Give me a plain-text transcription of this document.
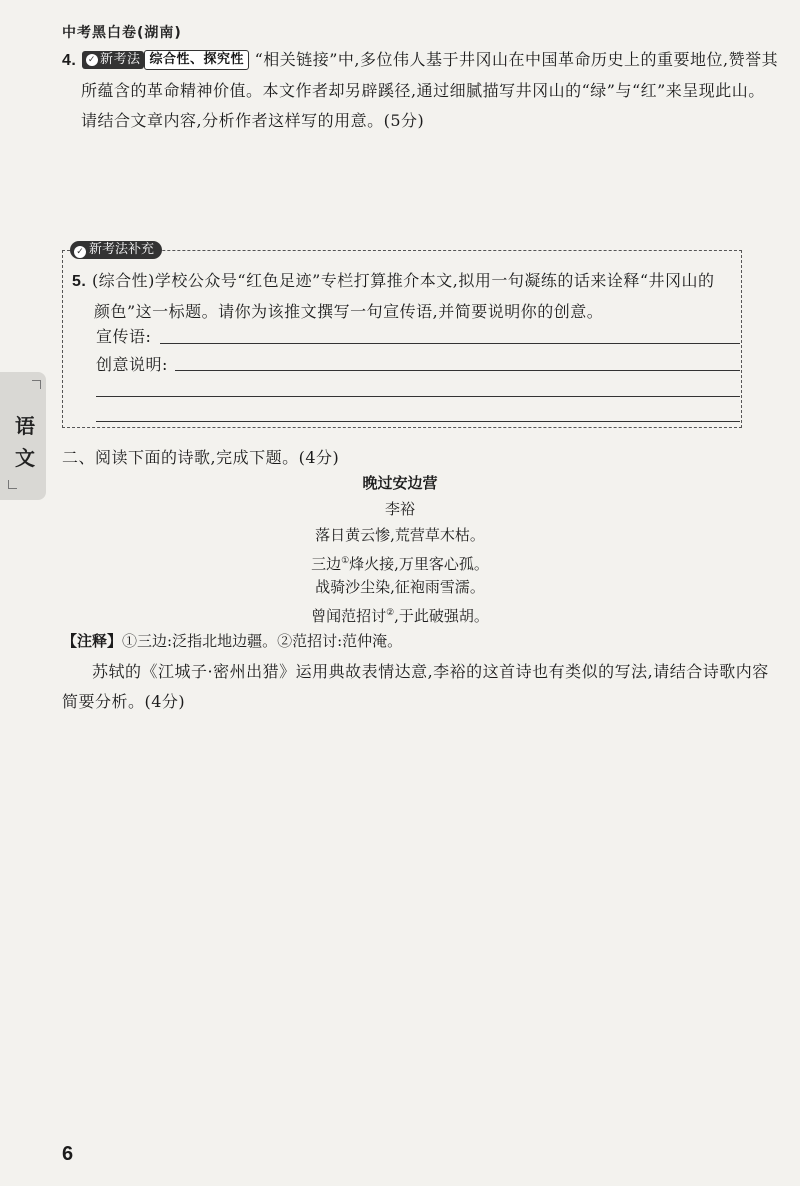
中考黑白卷(湖南)
4. ✓ 新考法 综合性、探究性 “相关链接”中,多位伟人基于井冈山在中国革命历史上的重要地位,赞誉其
所蕴含的革命精神价值。本文作者却另辟蹊径,通过细腻描写井冈山的“绿”与“红”来呈现此山。
请结合文章内容,分析作者这样写的用意。(5分)
✓ 新考法补充
5. (综合性)学校公众号“红色足迹”专栏打算推介本文,拟用一句凝练的话来诠释“井冈山的
颜色”这一标题。请你为该推文撰写一句宣传语,并简要说明你的创意。
宣传语:
创意说明:
语
文 二、阅读下面的诗歌,完成下题。(4分)
晚过安边营
李裕
落日黄云惨,荒营草木枯。
三边①烽火接,万里客心孤。
战骑沙尘染,征袍雨雪濡。
曾闻范招讨②,于此破强胡。
【注释】①三边:泛指北地边疆。②范招讨:范仲淹。
苏轼的《江城子·密州出猎》运用典故表情达意,李裕的这首诗也有类似的写法,请结合诗歌内容
简要分析。(4分)
6
